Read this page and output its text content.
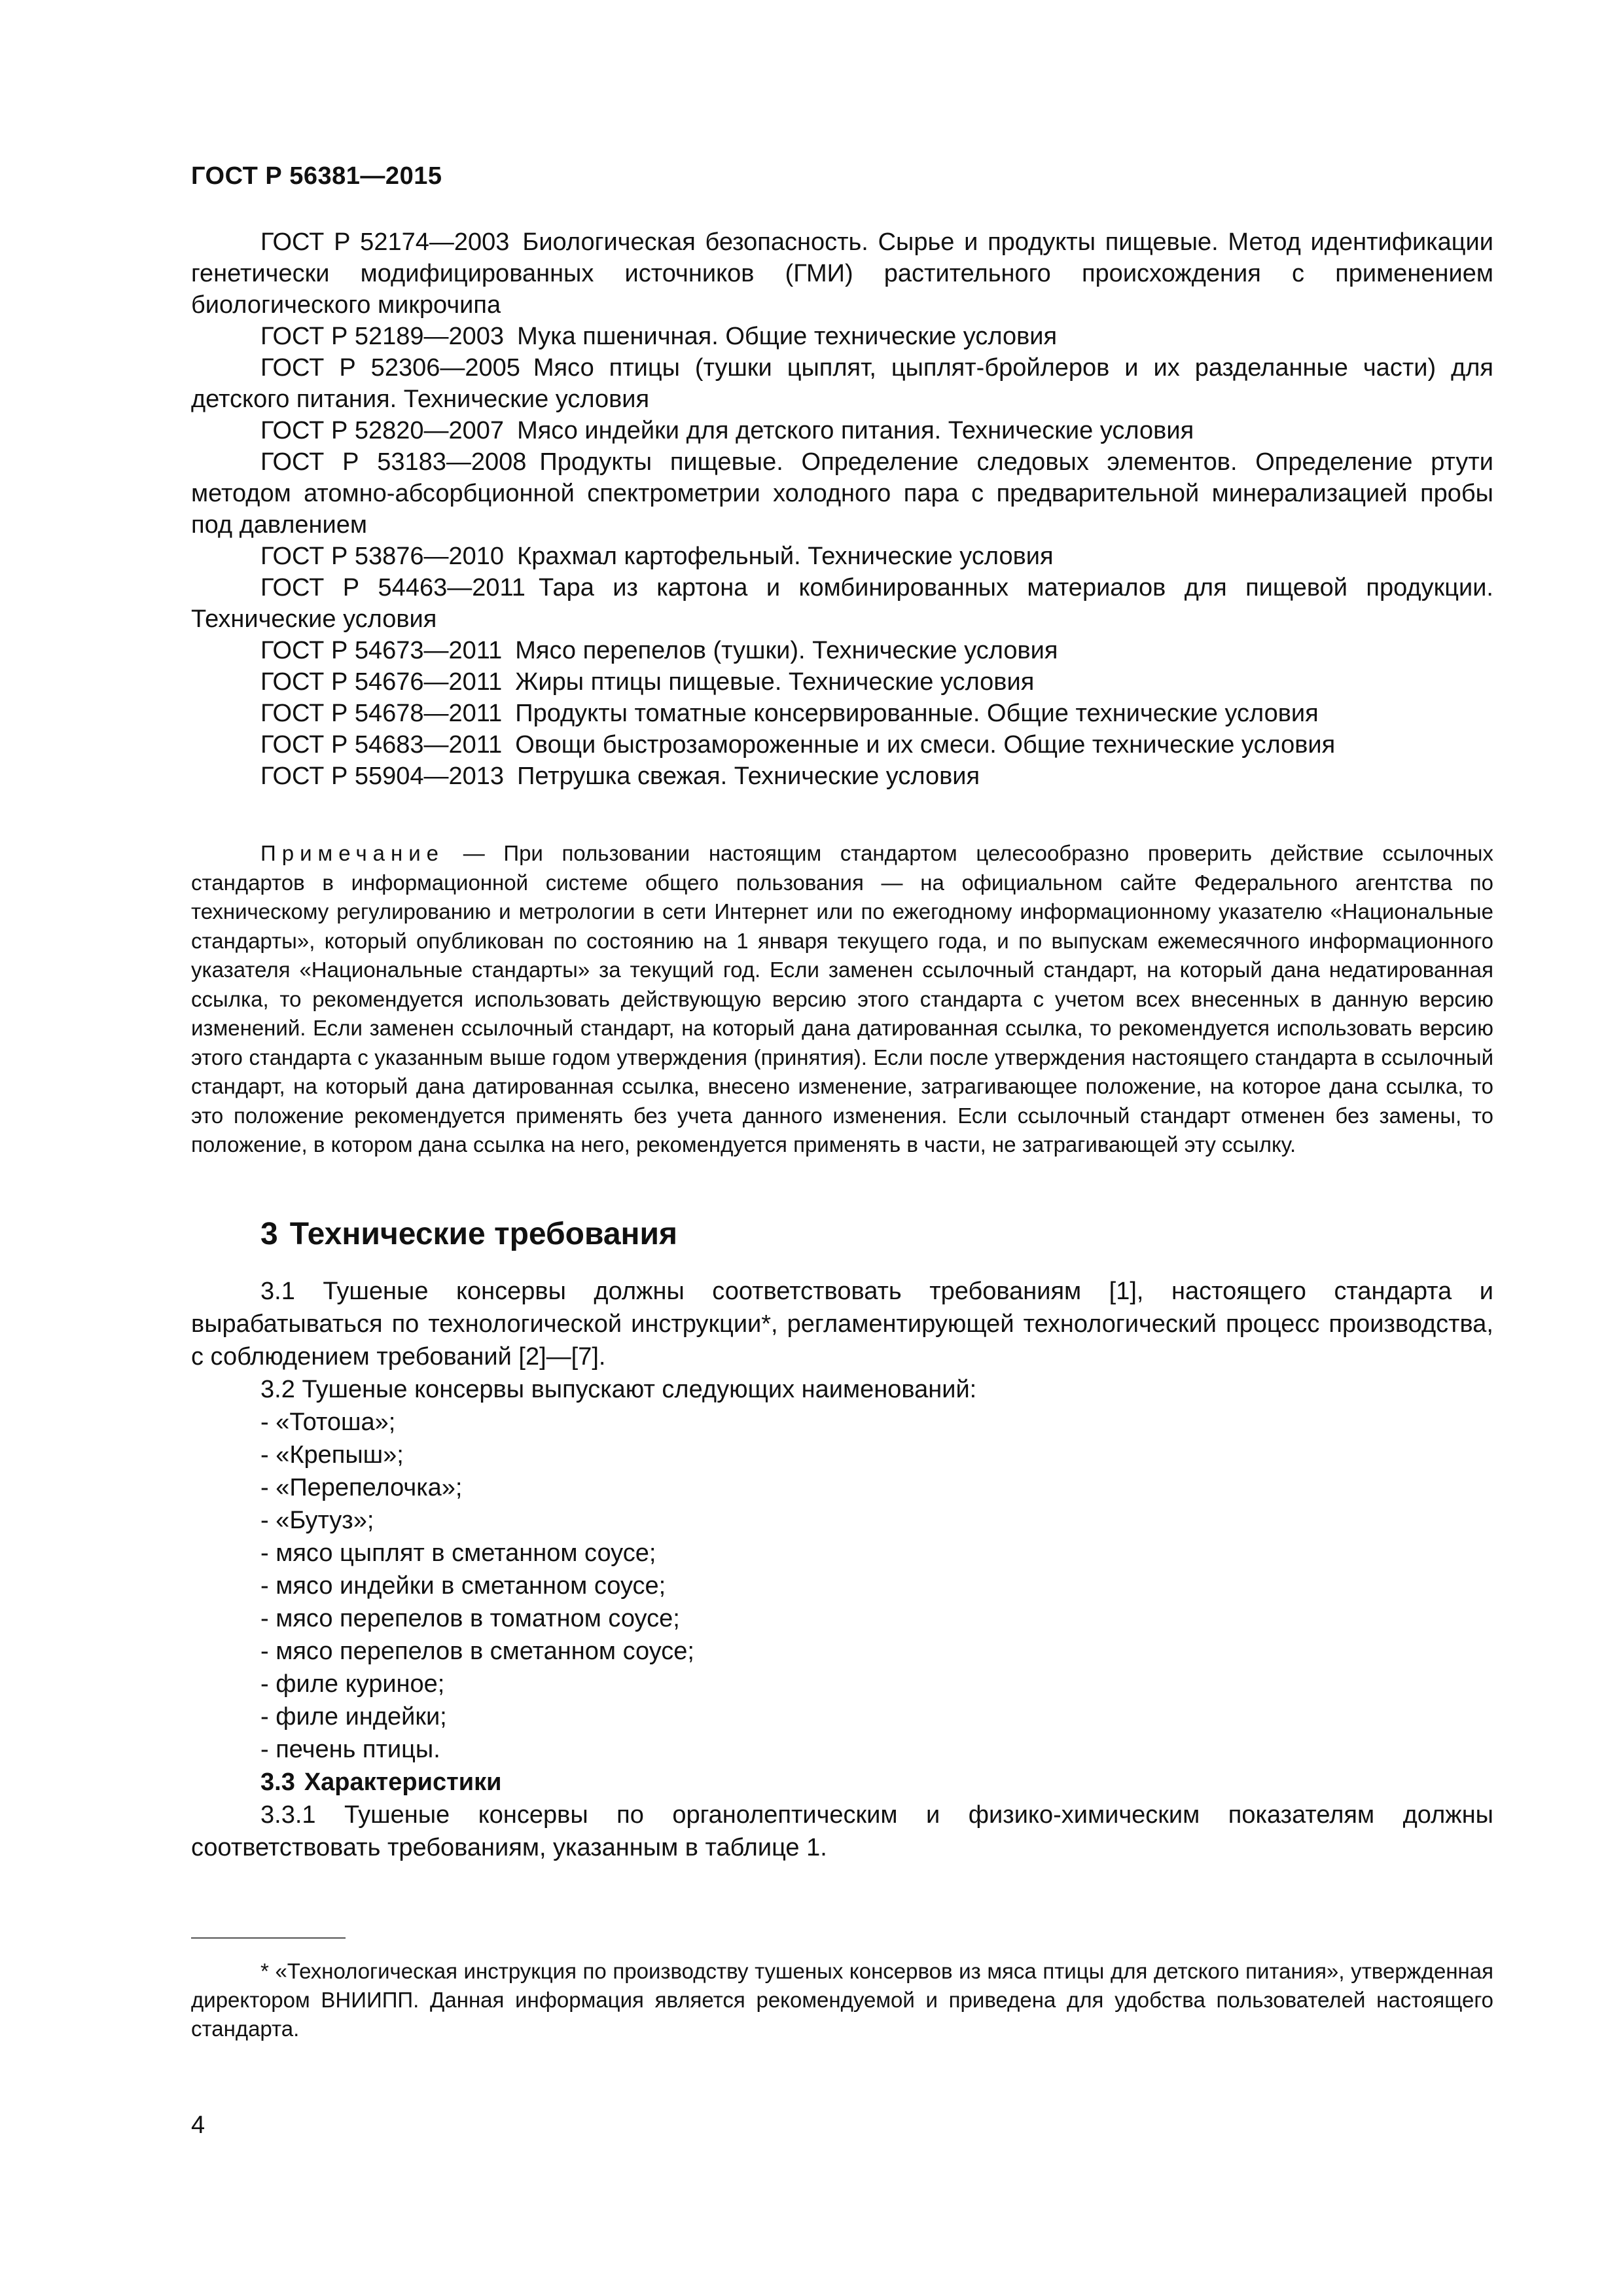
ГОСТ Р 56381—2015

ГОСТ Р 52174—2003 Биологическая безопасность. Сырье и продукты пищевые. Метод идентификации генетически модифицированных источников (ГМИ) растительного происхождения с применением биологического микрочипа

ГОСТ Р 52189—2003 Мука пшеничная. Общие технические условия

ГОСТ Р 52306—2005 Мясо птицы (тушки цыплят, цыплят-бройлеров и их разделанные части) для детского питания. Технические условия

ГОСТ Р 52820—2007 Мясо индейки для детского питания. Технические условия

ГОСТ Р 53183—2008 Продукты пищевые. Определение следовых элементов. Определение ртути методом атомно-абсорбционной спектрометрии холодного пара с предварительной минерализацией пробы под давлением

ГОСТ Р 53876—2010 Крахмал картофельный. Технические условия

ГОСТ Р 54463—2011 Тара из картона и комбинированных материалов для пищевой продукции. Технические условия

ГОСТ Р 54673—2011 Мясо перепелов (тушки). Технические условия

ГОСТ Р 54676—2011 Жиры птицы пищевые. Технические условия

ГОСТ Р 54678—2011 Продукты томатные консервированные. Общие технические условия

ГОСТ Р 54683—2011 Овощи быстрозамороженные и их смеси. Общие технические условия

ГОСТ Р 55904—2013 Петрушка свежая. Технические условия

Примечание — При пользовании настоящим стандартом целесообразно проверить действие ссылочных стандартов в информационной системе общего пользования — на официальном сайте Федерального агентства по техническому регулированию и метрологии в сети Интернет или по ежегодному информационному указателю «Национальные стандарты», который опубликован по состоянию на 1 января текущего года, и по выпускам ежемесячного информационного указателя «Национальные стандарты» за текущий год. Если заменен ссылочный стандарт, на который дана недатированная ссылка, то рекомендуется использовать действующую версию этого стандарта с учетом всех внесенных в данную версию изменений. Если заменен ссылочный стандарт, на который дана датированная ссылка, то рекомендуется использовать версию этого стандарта с указанным выше годом утверждения (принятия). Если после утверждения настоящего стандарта в ссылочный стандарт, на который дана датированная ссылка, внесено изменение, затрагивающее положение, на которое дана ссылка, то это положение рекомендуется применять без учета данного изменения. Если ссылочный стандарт отменен без замены, то положение, в котором дана ссылка на него, рекомендуется применять в части, не затрагивающей эту ссылку.

3 Технические требования

3.1 Тушеные консервы должны соответствовать требованиям [1], настоящего стандарта и вырабатываться по технологической инструкции*, регламентирующей технологический процесс производства, с соблюдением требований [2]—[7].

3.2 Тушеные консервы выпускают следующих наименований:

- «Тотоша»;
- «Крепыш»;
- «Перепелочка»;
- «Бутуз»;
- мясо цыплят в сметанном соусе;
- мясо индейки в сметанном соусе;
- мясо перепелов в томатном соусе;
- мясо перепелов в сметанном соусе;
- филе куриное;
- филе индейки;
- печень птицы.

3.3 Характеристики

3.3.1 Тушеные консервы по органолептическим и физико-химическим показателям должны соответствовать требованиям, указанным в таблице 1.

* «Технологическая инструкция по производству тушеных консервов из мяса птицы для детского питания», утвержденная директором ВНИИПП. Данная информация является рекомендуемой и приведена для удобства пользователей настоящего стандарта.

4
